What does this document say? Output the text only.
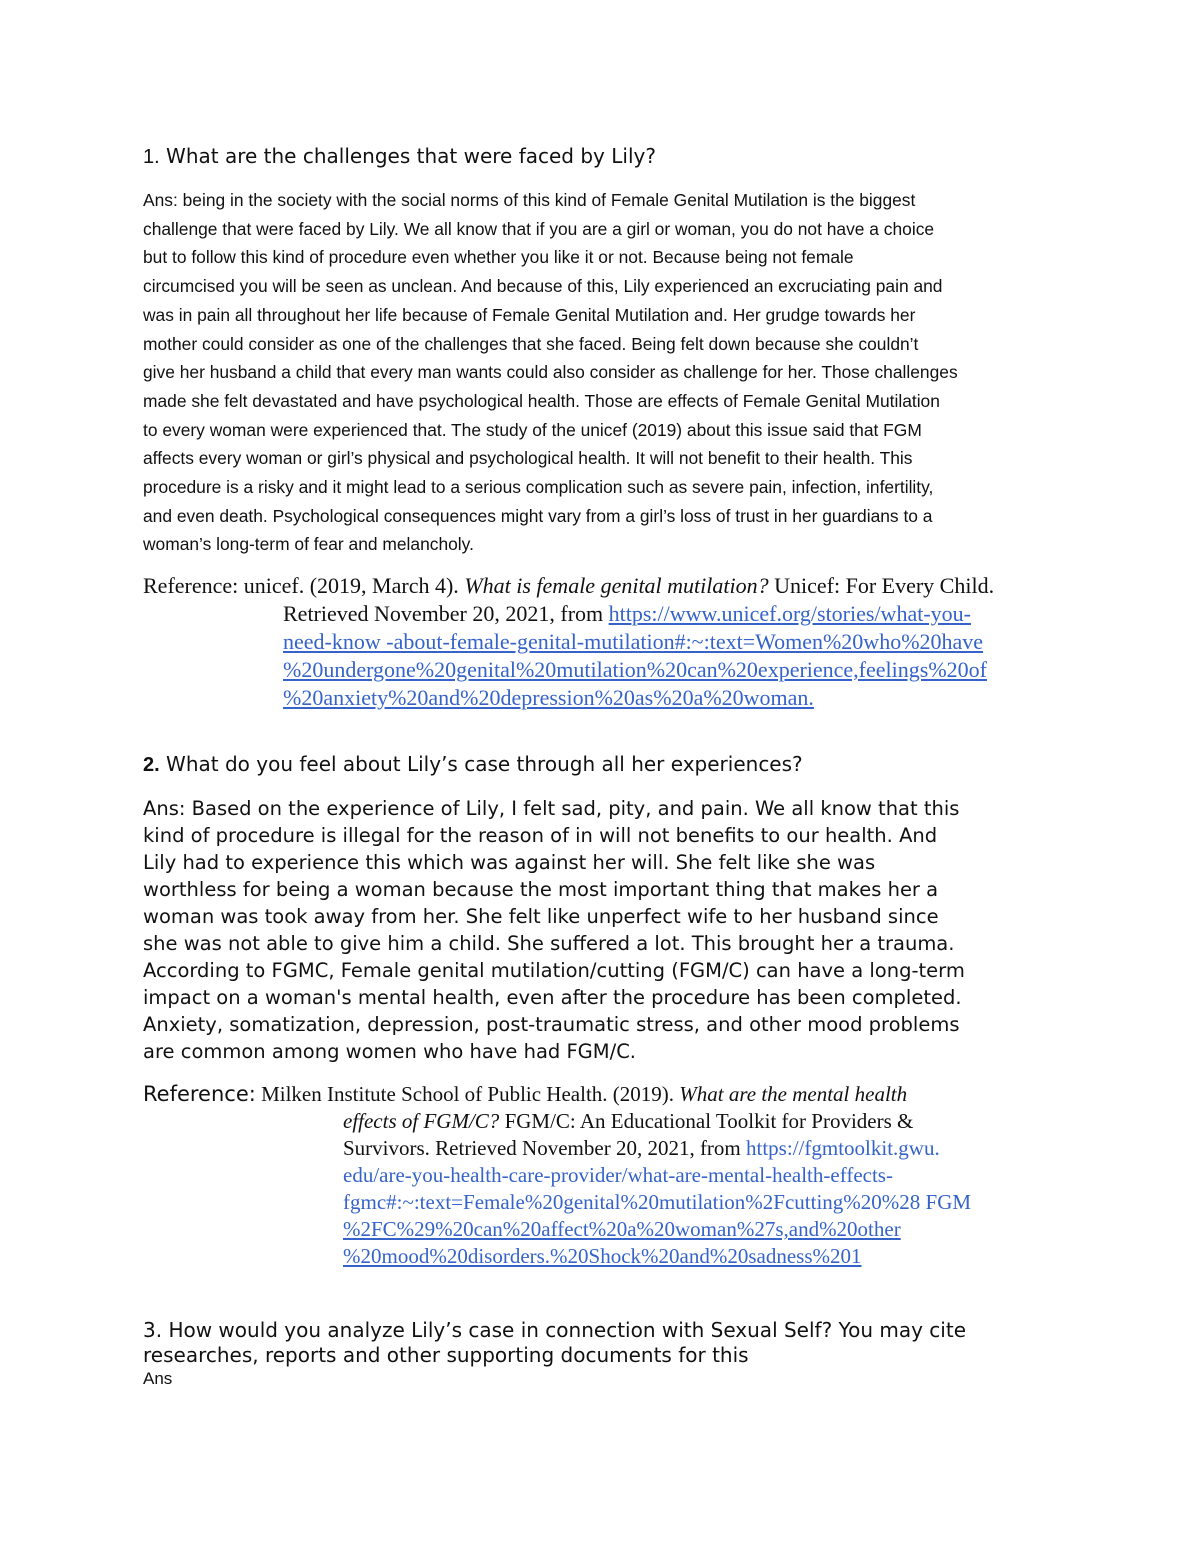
1. What are the challenges that were faced by Lily?

Ans: being in the society with the social norms of this kind of Female Genital Mutilation is the biggest

challenge that were faced by Lily. We all know that if you are a girl or woman, you do not have a choice

but to follow this kind of procedure even whether you like it or not. Because being not female

circumcised you will be seen as unclean. And because of this, Lily experienced an excruciating pain and

was in pain all throughout her life because of Female Genital Mutilation and. Her grudge towards her

mother could consider as one of the challenges that she faced. Being felt down because she couldn’t

give her husband a child that every man wants could also consider as challenge for her. Those challenges

made she felt devastated and have psychological health. Those are effects of Female Genital Mutilation

to every woman were experienced that. The study of the unicef (2019) about this issue said that FGM

affects every woman or girl’s physical and psychological health. It will not benefit to their health. This

procedure is a risky and it might lead to a serious complication such as severe pain, infection, infertility,

and even death. Psychological consequences might vary from a girl’s loss of trust in her guardians to a

woman’s long-term of fear and melancholy.

Reference: unicef. (2019, March 4). What is female genital mutilation? Unicef: For Every Child.
Retrieved November 20, 2021, from https://www.unicef.org/stories/what-you-
need-know -about-female-genital-mutilation#:~:text=Women%20who%20have
%20undergone%20genital%20mutilation%20can%20experience,feelings%20of
%20anxiety%20and%20depression%20as%20a%20woman.
2. What do you feel about Lily’s case through all her experiences?

Ans: Based on the experience of Lily, I felt sad, pity, and pain. We all know that this

kind of procedure is illegal for the reason of in will not benefits to our health. And

Lily had to experience this which was against her will. She felt like she was

worthless for being a woman because the most important thing that makes her a

woman was took away from her. She felt like unperfect wife to her husband since

she was not able to give him a child. She suffered a lot. This brought her a trauma.

According to FGMC, Female genital mutilation/cutting (FGM/C) can have a long-term

impact on a woman's mental health, even after the procedure has been completed.

Anxiety, somatization, depression, post-traumatic stress, and other mood problems

are common among women who have had FGM/C.

Reference: Milken Institute School of Public Health. (2019). What are the mental health
effects of FGM/C? FGM/C: An Educational Toolkit for Providers &
Survivors. Retrieved November 20, 2021, from https://fgmtoolkit.gwu.
edu/are-you-health-care-provider/what-are-mental-health-effects-
fgmc#:~:text=Female%20genital%20mutilation%2Fcutting%20%28 FGM
%2FC%29%20can%20affect%20a%20woman%27s,and%20other
%20mood%20disorders.%20Shock%20and%20sadness%201

3. How would you analyze Lily’s case in connection with Sexual Self? You may cite

researches, reports and other supporting documents for this

Ans
